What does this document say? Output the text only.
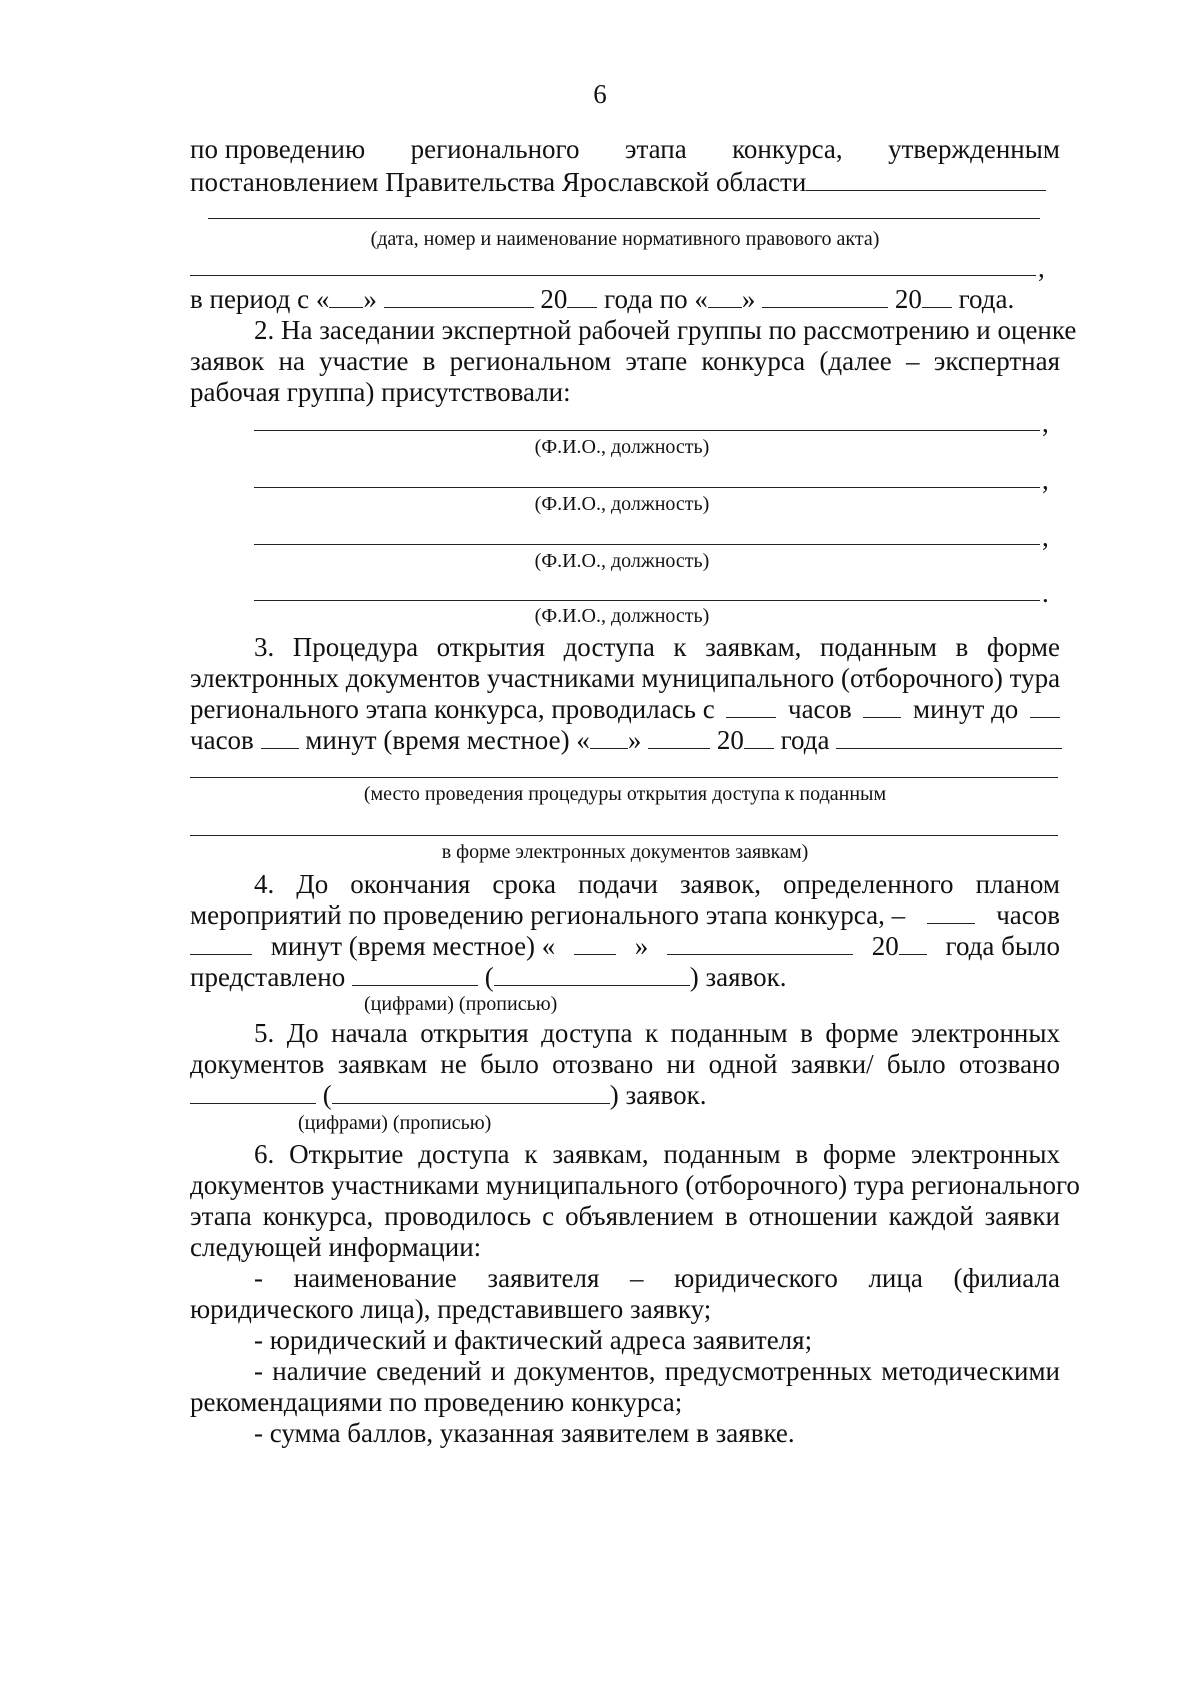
6
по проведению регионального этапа конкурса, утвержденным
постановлением Правительства Ярославской области
(дата, номер и наименование нормативного правового акта)
,
в период с « »	20 года по « »	20 года.
2. На заседании экспертной рабочей группы по рассмотрению и оценке
заявок на участие в региональном этапе конкурса (далее – экспертная
рабочая группа) присутствовали:
,
(Ф.И.О., должность)
,
(Ф.И.О., должность)
,
(Ф.И.О., должность)
.
(Ф.И.О., должность)
3. Процедура открытия доступа к заявкам, поданным в форме
электронных документов участниками муниципального (отборочного) тура
регионального этапа конкурса, проводилась с	часов минут до
часов минут (время местное) « »	20 года
(место проведения процедуры открытия доступа к поданным
в форме электронных документов заявкам)
4. До окончания срока подачи заявок, определенного планом
мероприятий по проведению регионального этапа конкурса, –	часов
минут (время местное) «	»	20	года было
представлено	(	) заявок.
(цифрами) (прописью)
5. До начала открытия доступа к поданным в форме электронных
документов заявкам не было отозвано ни одной заявки/ было отозвано
(	) заявок.
(цифрами) (прописью)
6. Открытие доступа к заявкам, поданным в форме электронных
документов участниками муниципального (отборочного) тура регионального
этапа конкурса, проводилось с объявлением в отношении каждой заявки
следующей информации:
- наименование заявителя – юридического лица (филиала
юридического лица), представившего заявку;
- юридический и фактический адреса заявителя;
- наличие сведений и документов, предусмотренных методическими
рекомендациями по проведению конкурса;
- сумма баллов, указанная заявителем в заявке.
